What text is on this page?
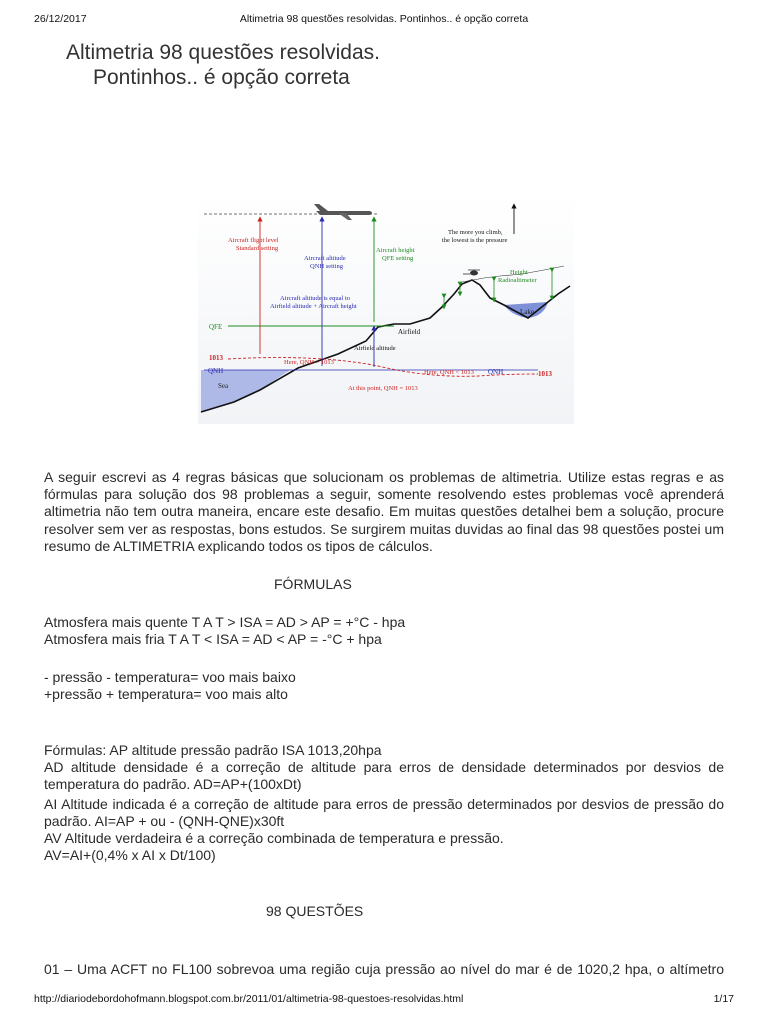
26/12/2017	Altimetria 98 questões resolvidas. Pontinhos.. é opção correta
Altimetria 98 questões resolvidas.
Pontinhos.. é opção correta
Sea
Lake
QFE
QNH	QNH
1013
1013
Aircraft flight level
Standard setting
Aircraft altitude
QNH setting
Aircraft height
QFE setting
Aircraft altitude is equal to
Airfield altitude + Aircraft height
The more you climb,
the lowest is the pressure
Height
Radioaltimeter
Airfield
Airfield altitude
Here, QNH > 1013
Here, QNH < 1013
At this point, QNH = 1013

A seguir escrevi as 4 regras básicas que solucionam os problemas de altimetria. Utilize estas regras e as fórmulas para solução dos 98 problemas a seguir, somente resolvendo estes problemas você aprenderá altimetria não tem outra maneira, encare este desafio. Em muitas questões detalhei bem a solução, procure resolver sem ver as respostas, bons estudos. Se surgirem muitas duvidas ao final das 98 questões postei um resumo de ALTIMETRIA explicando todos os tipos de cálculos.

FÓRMULAS
Atmosfera mais quente T A T > ISA = AD > AP = +°C - hpa
Atmosfera mais fria T A T < ISA = AD < AP = -°C + hpa
- pressão - temperatura= voo mais baixo
+pressão + temperatura= voo mais alto
Fórmulas: AP altitude pressão padrão ISA 1013,20hpa

AD altitude densidade é a correção de altitude para erros de densidade determinados por desvios de temperatura do padrão. AD=AP+(100xDt)

AI Altitude indicada é a correção de altitude para erros de pressão determinados por desvios de pressão do padrão. AI=AP + ou - (QNH-QNE)x30ft

AV Altitude verdadeira é a correção combinada de temperatura e pressão.
AV=AI+(0,4% x AI x Dt/100)
98 QUESTÕES

01 – Uma ACFT no FL100 sobrevoa uma região cuja pressão ao nível do mar é de 1020,2 hpa, o altímetro

http://diariodebordohofmann.blogspot.com.br/2011/01/altimetria-98-questoes-resolvidas.html	1/17
